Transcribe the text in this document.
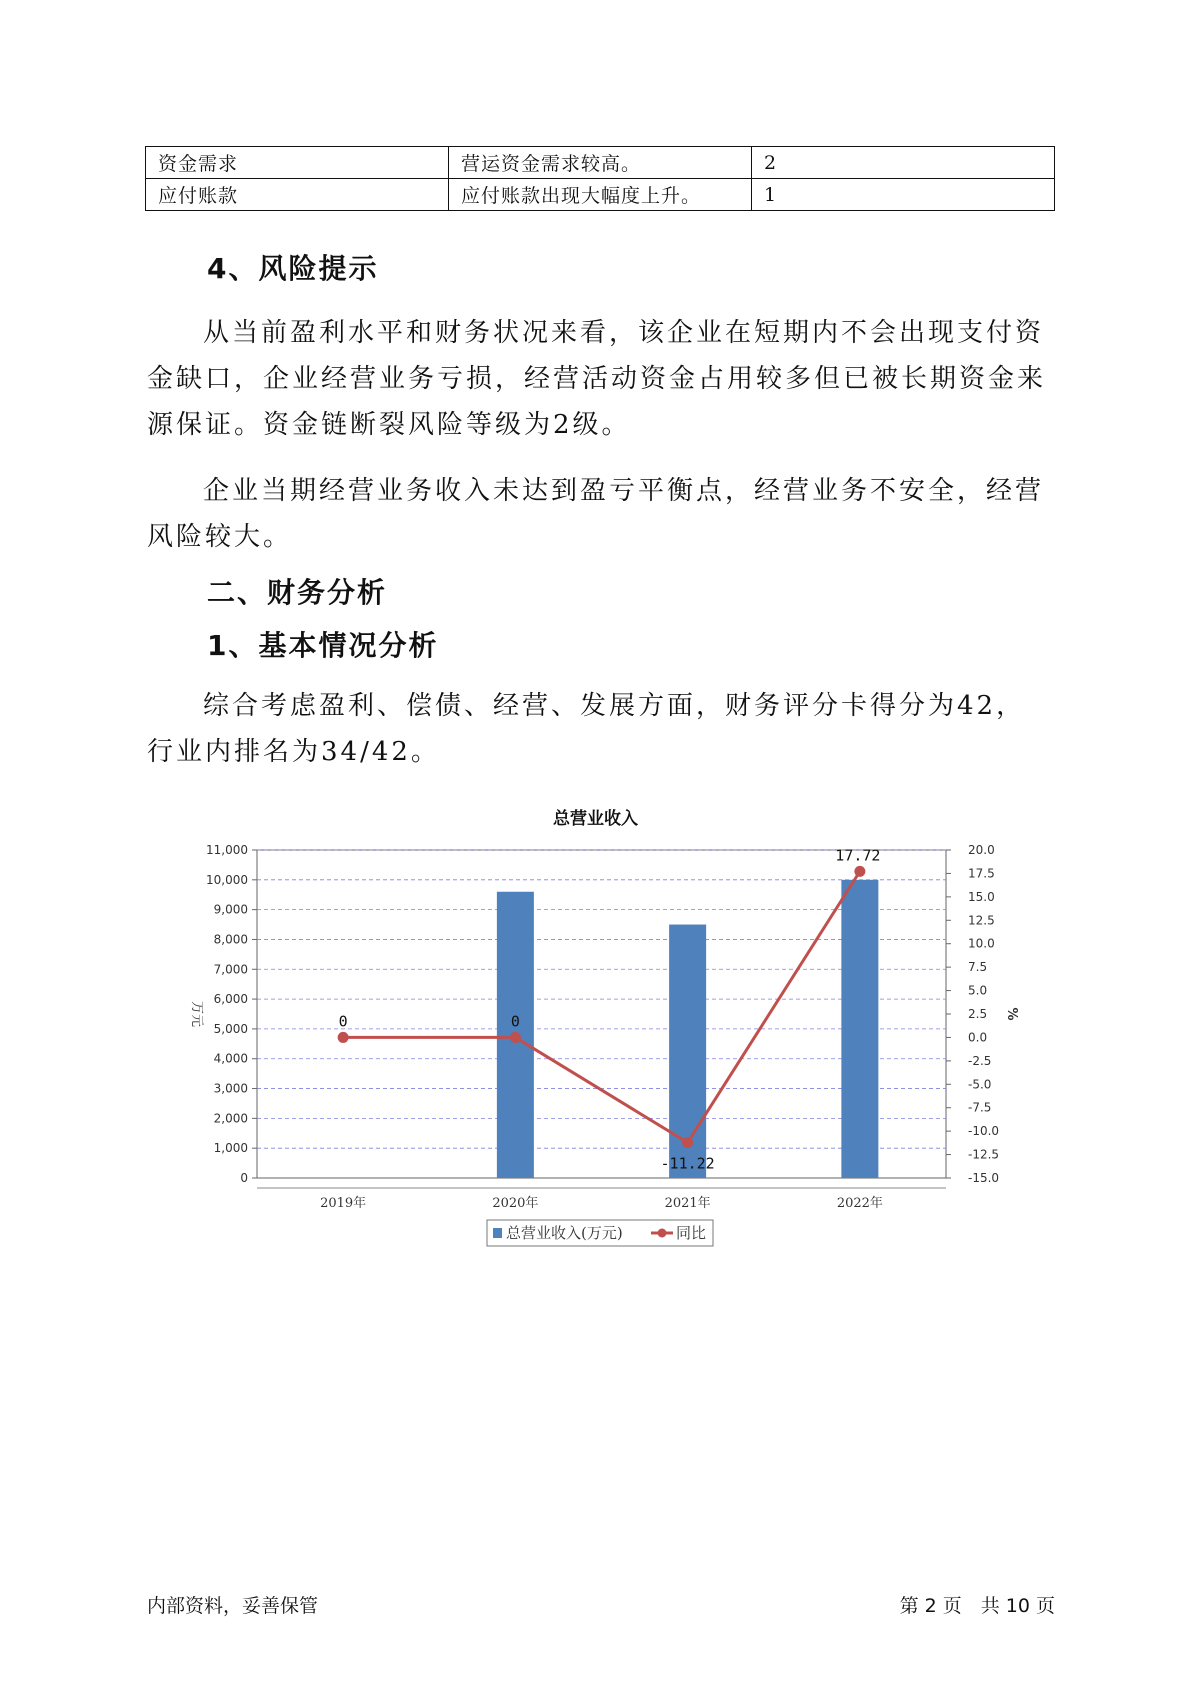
资金需求	营运资金需求较高。	2
应付账款	应付账款出现大幅度上升。	1
4、风险提示

从当前盈利水平和财务状况来看，该企业在短期内不会出现支付资金缺口，企业经营业务亏损，经营活动资金占用较多但已被长期资金来源保证。资金链断裂风险等级为2级。

企业当期经营业务收入未达到盈亏平衡点，经营业务不安全，经营风险较大。

二、财务分析
1、基本情况分析

综合考虑盈利、偿债、经营、发展方面，财务评分卡得分为42，行业内排名为34/42。

总营业收入
0
1,000
2,000
3,000
4,000
5,000
6,000
7,000
8,000
9,000
10,000
11,000
-15.0
-12.5
-10.0
-7.5
-5.0
-2.5
0.0
2.5
5.0
7.5
10.0
12.5
15.0
17.5
20.0
万元	%
2019年	2020年	2021年	2022年
0	0
-11.22
17.72
总营业收入(万元)	同比
内部资料，妥善保管	第 2 页　共 10 页
